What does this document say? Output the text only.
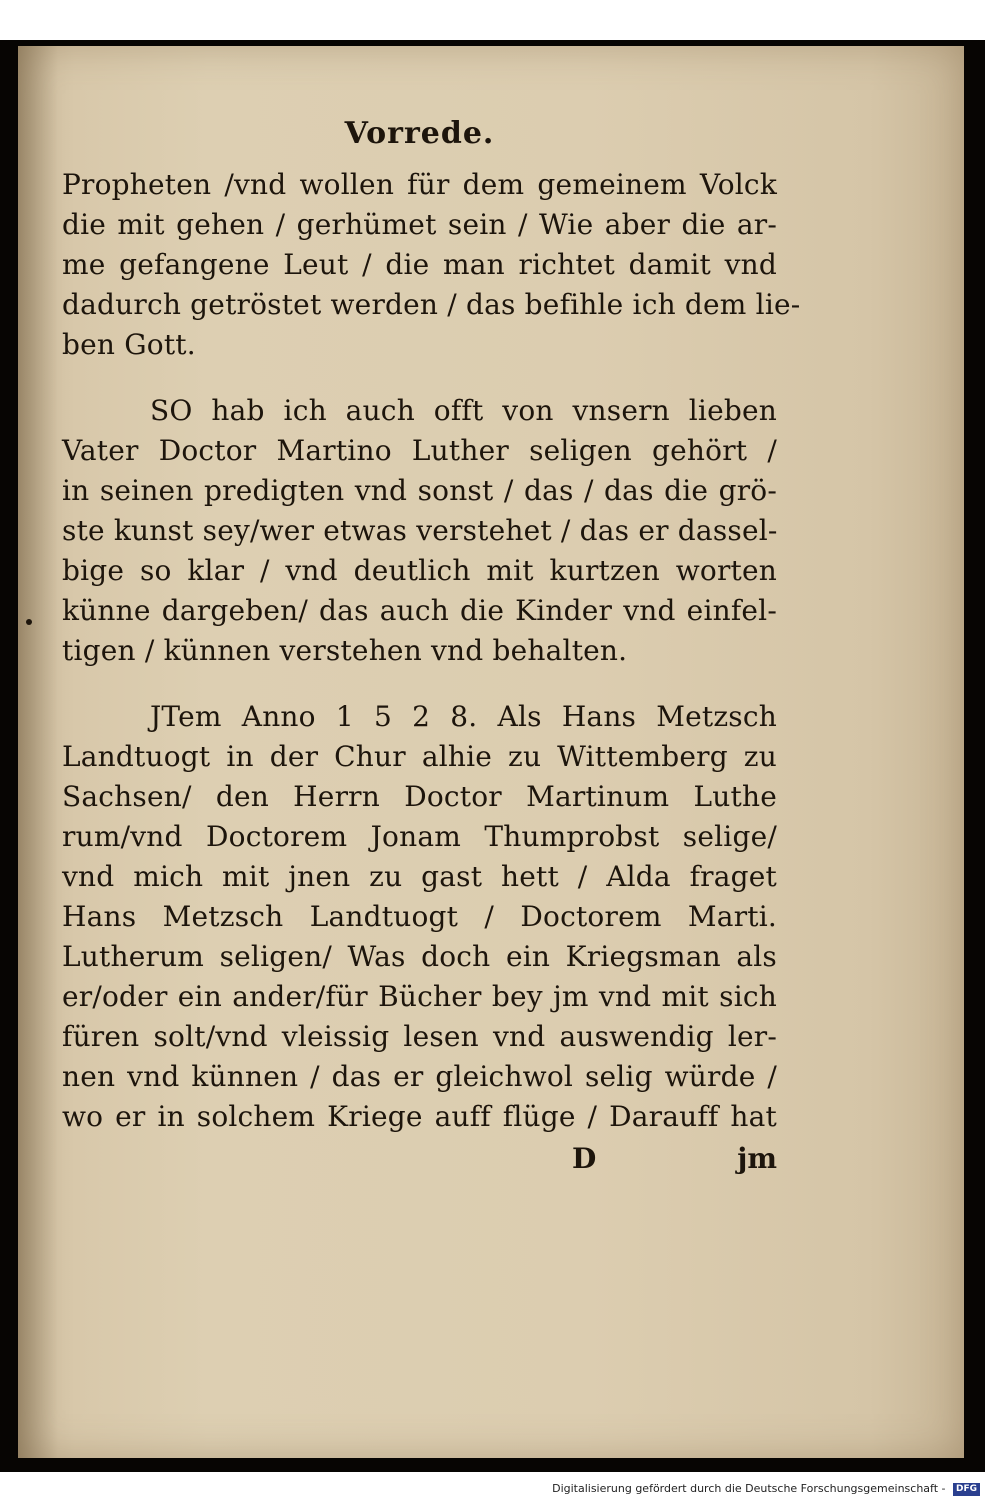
Vorrede.

Propheten /vnd wollen für dem gemeinem Volck
die mit gehen / gerhümet sein / Wie aber die ar-
me gefangene Leut / die man richtet damit vnd
dadurch getröstet werden / das befihle ich dem lie-
ben Gott.

SO hab ich auch offt von vnsern lieben
Vater Doctor Martino Luther seligen gehört /
in seinen predigten vnd sonst / das / das die grö-
ste kunst sey/wer etwas verstehet / das er dassel-
bige so klar / vnd deutlich mit kurtzen worten
künne dargeben/ das auch die Kinder vnd einfel-
tigen / künnen verstehen vnd behalten.

JTem Anno 1 5 2 8. Als Hans Metzsch
Landtuogt in der Chur alhie zu Wittemberg zu
Sachsen/ den Herrn Doctor Martinum Luthe
rum/vnd Doctorem Jonam Thumprobst selige/
vnd mich mit jnen zu gast hett / Alda fraget
Hans Metzsch Landtuogt / Doctorem Marti.
Lutherum seligen/ Was doch ein Kriegsman als
er/oder ein ander/für Bücher bey jm vnd mit sich
füren solt/vnd vleissig lesen vnd auswendig ler-
nen vnd künnen / das er gleichwol selig würde /
wo er in solchem Kriege auff flüge / Darauff hat

D	jm
Digitalisierung gefördert durch die Deutsche Forschungsgemeinschaft - DFG
